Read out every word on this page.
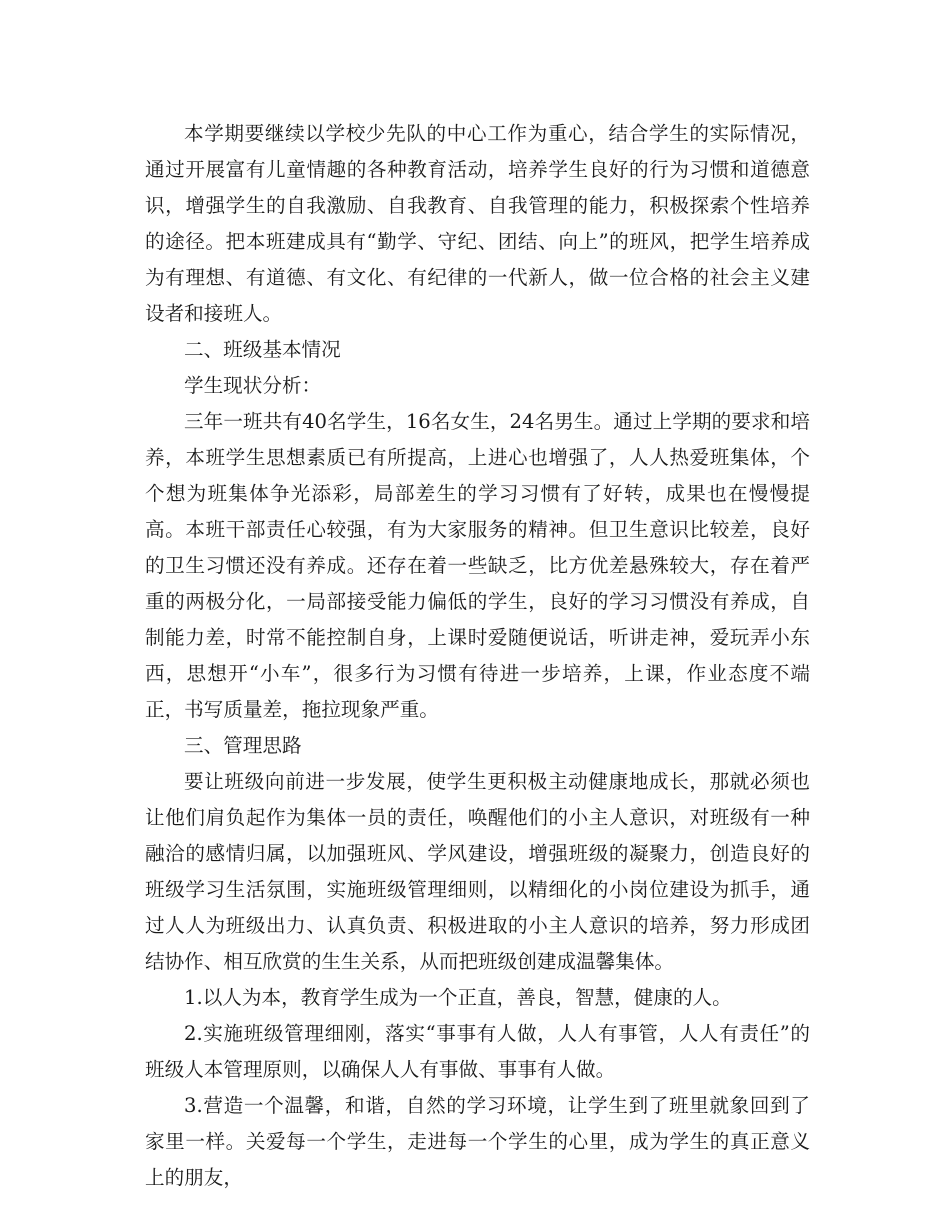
本学期要继续以学校少先队的中心工作为重心，结合学生的实际情况，通过开展富有儿童情趣的各种教育活动，培养学生良好的行为习惯和道德意识，增强学生的自我激励、自我教育、自我管理的能力，积极探索个性培养的途径。把本班建成具有“勤学、守纪、团结、向上”的班风，把学生培养成为有理想、有道德、有文化、有纪律的一代新人，做一位合格的社会主义建设者和接班人。

二、班级基本情况

学生现状分析：

三年一班共有40名学生，16名女生，24名男生。通过上学期的要求和培养，本班学生思想素质已有所提高，上进心也增强了，人人热爱班集体，个个想为班集体争光添彩，局部差生的学习习惯有了好转，成果也在慢慢提高。本班干部责任心较强，有为大家服务的精神。但卫生意识比较差，良好的卫生习惯还没有养成。还存在着一些缺乏，比方优差悬殊较大，存在着严重的两极分化，一局部接受能力偏低的学生，良好的学习习惯没有养成，自制能力差，时常不能控制自身，上课时爱随便说话，听讲走神，爱玩弄小东西，思想开“小车”，很多行为习惯有待进一步培养，上课，作业态度不端正，书写质量差，拖拉现象严重。

三、管理思路

要让班级向前进一步发展，使学生更积极主动健康地成长，那就必须也让他们肩负起作为集体一员的责任，唤醒他们的小主人意识，对班级有一种融洽的感情归属，以加强班风、学风建设，增强班级的凝聚力，创造良好的班级学习生活氛围，实施班级管理细则，以精细化的小岗位建设为抓手，通过人人为班级出力、认真负责、积极进取的小主人意识的培养，努力形成团结协作、相互欣赏的生生关系，从而把班级创建成温馨集体。

1.以人为本，教育学生成为一个正直，善良，智慧，健康的人。

2.实施班级管理细刚，落实“事事有人做，人人有事管，人人有责任”的班级人本管理原则，以确保人人有事做、事事有人做。

3.营造一个温馨，和谐，自然的学习环境，让学生到了班里就象回到了家里一样。关爱每一个学生，走进每一个学生的心里，成为学生的真正意义上的朋友，
